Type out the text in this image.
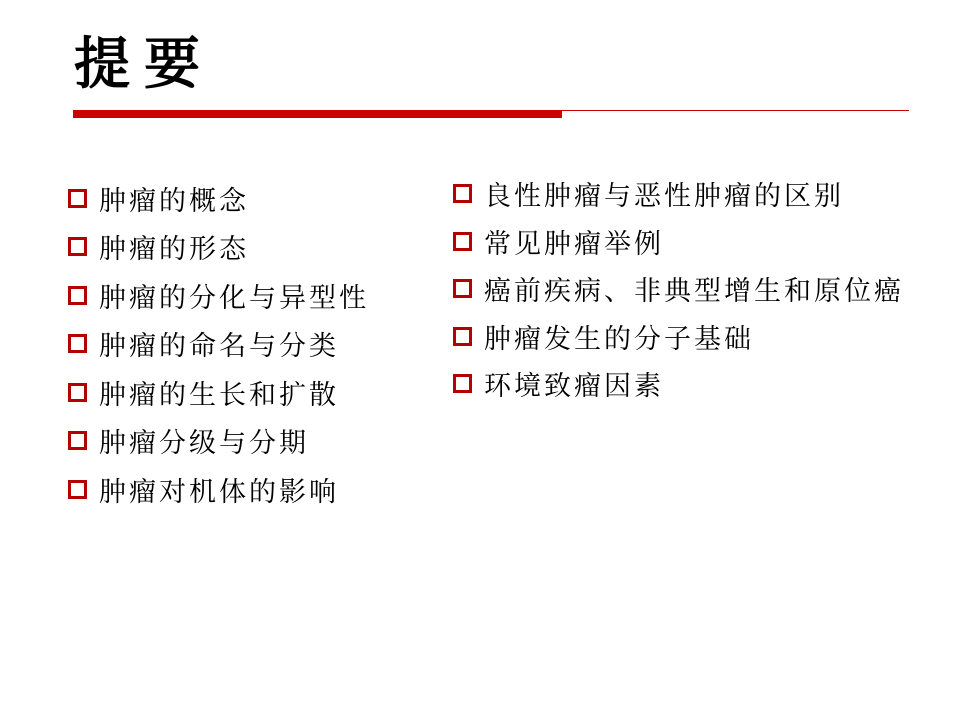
提要
肿瘤的概念
肿瘤的形态
肿瘤的分化与异型性
肿瘤的命名与分类
肿瘤的生长和扩散
肿瘤分级与分期
肿瘤对机体的影响
良性肿瘤与恶性肿瘤的区别
常见肿瘤举例
癌前疾病、非典型增生和原位癌
肿瘤发生的分子基础
环境致瘤因素
